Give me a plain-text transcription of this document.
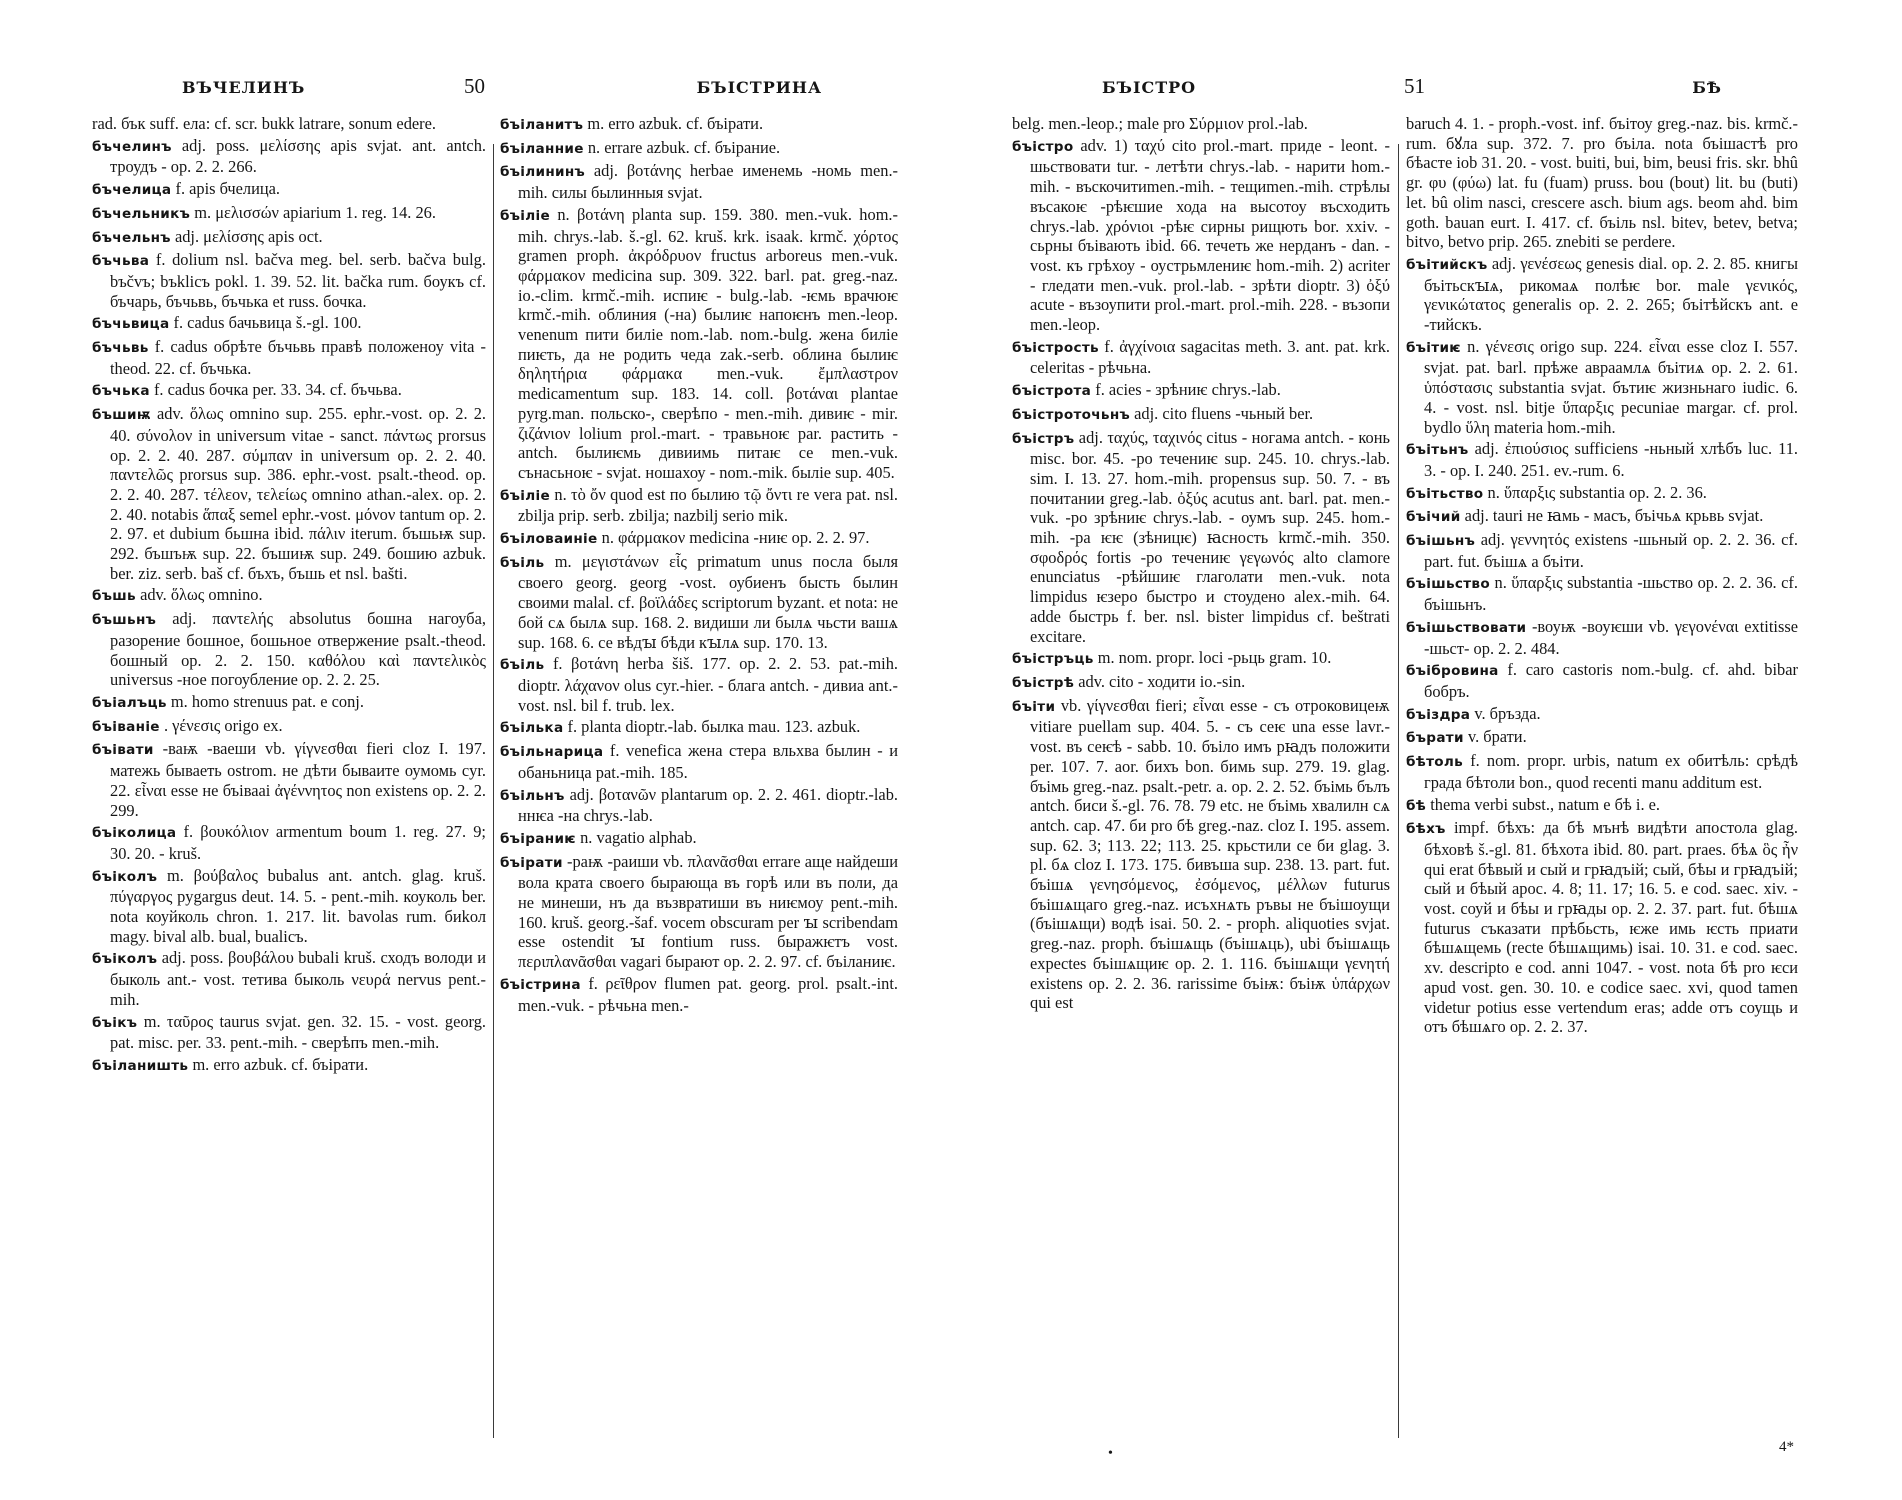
ВЪЧЕЛИНЪ	50	БЪІСТРИНА

rad. бък suff. ела: cf. scr. bukk latrare, sonum edere.

бъчелинъ adj. poss. μελίσσης apis svjat. ant. antch. троудъ - op. 2. 2. 266.

бъчелица f. apis бчелица.

бъчельникъ m. μελισσών apiarium 1. reg. 14. 26.

бъчельнъ adj. μελίσσης apis oct.

бъчьва f. dolium nsl. bačva meg. bel. serb. bačva bulg. bъčvъ; bъkliсъ pokl. 1. 39. 52. lit. bačka rum. боукъ cf. бъчарь, бъчьвь, бъчька et russ. бочка.

бъчьвица f. cadus бачьвица š.-gl. 100.

бъчьвь f. cadus обрѣте бъчьвь правѣ положеноу vita - theod. 22. cf. бъчька.

бъчька f. cadus бочка per. 33. 34. cf. бъчьва.

бъшиѭ adv. ὅλως omnino sup. 255. ephr.-vost. op. 2. 2. 40. σύνολον in universum vitae - sanct. πάντως prorsus op. 2. 2. 40. 287. σύμπαν in universum op. 2. 2. 40. παντελῶς prorsus sup. 386. ephr.-vost. psalt.-theod. op. 2. 2. 40. 287. τέλεον, τελείως omnino athan.-alex. op. 2. 2. 40. notabis ἅπαξ semel ephr.-vost. μόνον tantum op. 2. 2. 97. et dubium бьшна ibid. πάλιν iterum. бъшьѭ sup. 292. бъшъѭ sup. 22. бъшиѭ sup. 249. бошию azbuk. ber. ziz. serb. baš cf. бъхъ, бъшь et nsl. bašti.

бъшь adv. ὅλως omnino.

бъшьнъ adj. παντελής absolutus бошна нагоуба, разорение бошное, бошьное отвержение psalt.-theod. бошный op. 2. 2. 150. καθόλου καὶ παντελικὸς universus -ное погоубление op. 2. 2. 25.

бъіалъць m. homo strenuus pat. e conj.

бъіваніе . γένεσις origo ex.

бъівати -ваѭ -ваеши vb. γίγνεσθαι fieri cloz I. 197. матежь бываеть ostrom. не дѣти бываите оумомь cyr. 22. εἶναι esse не бъівааі ἀγέννητος non existens op. 2. 2. 299.

бъіколица f. βουκόλιον armentum boum 1. reg. 27. 9; 30. 20. - kruš.

бъіколъ m. βούβαλος bubalus ant. antch. glag. kruš. πύγαργος pygargus deut. 14. 5. - pent.-mih. коуколь ber. nota коуйколь chron. 1. 217. lit. bavolas rum. биkол mаgy. bival alb. bual, bualicъ.

бъіколъ adj. poss. βουβάλου bubali kruš. сходъ володи и быколь ant.- vost. тетива быколь νευρά nervus pent.-mih.

бъікъ m. ταῦρος taurus svjat. gen. 32. 15. - vost. georg. pat. misc. per. 33. pent.-mih. - сверѣпъ men.-mih.

бъіланишть m. erro azbuk. cf. бъірати.

бъіланитъ m. erro azbuk. cf. бъірати.

бъіланние n. errare azbuk. cf. бъіраниe.

бъілининъ adj. βοτάνης herbae именемь -номь men.-mih. силы былинныя svjat.

бъіліе n. βοτάνη planta sup. 159. 380. men.-vuk. hom.-mih. chrys.-lab. š.-gl. 62. kruš. krk. isaak. krmč. χόρτος gramen proph. ἀκρόδρυον fructus arboreus men.-vuk. φάρμακον medicina sup. 309. 322. barl. pat. greg.-naz. io.-clim. krmč.-mih. испиѥ - bulg.-lab. -ѥмь врачюѥ krmč.-mih. облиния (-на) былиѥ напоѥнъ men.-leop. venenum пити биліе nom.-lab. nom.-bulg. жена биліе пиѥть, да не родить чеда zak.-serb. облина былиѥ δηλητήρια φάρμακα men.-vuk. ἔμπλαστρον medicamentum sup. 183. 14. coll. βοτάναι plantae pyrg.man. польско-, сверѣпо - men.-mih. дивиѥ - mir. ζιζάνιον lolium prol.-mart. - травьноѥ par. растить - antch. былиѥмь дивиимь питаѥ се men.-vuk. сънасьноѥ - svjat. ношахоу - nom.-mik. быліе sup. 405.

бъіліе n. τὸ ὄν quod est по былию τῷ ὄντι re vera pat. nsl. zbilja prip. serb. zbilja; nazbilj serio mik.

бъіловаиніе n. φάρμακον medicina -ниѥ op. 2. 2. 97.

бъіль m. μεγιστάνων εἷς primatum unus посла быля своего georg. georg -vost. оубиенъ бысть былин своими malal. cf. βοϊλάδες scriptorum byzant. et nota: не бой сѧ былѧ sup. 168. 2. видиши ли былѧ чьсти вашѧ sup. 168. 6. се вѣдꙑ бѣди кꙑлѧ sup. 170. 13.

бъіль f. βοτάνη herba šiš. 177. op. 2. 2. 53. pat.-mih. dioptr. λάχανον olus cyr.-hier. - блага antch. - дивиа ant.-vost. nsl. bil f. trub. lex.

бъілька f. planta dioptr.-lab. былка mau. 123. azbuk.

бъільнарица f. venefica жена стера вльхва былин - и обаньница pat.-mih. 185.

бъільнъ adj. βοτανῶν plantarum op. 2. 2. 461. dioptr.-lab. ннѥа -на chrys.-lab.

бъіраниѥ n. vagatio alphab.

бъірати -раѭ -раиши vb. πλανᾶσθαι errare аще найдеши вола крата своего бырающа въ горѣ или въ поли, да не минеши, нъ да възвратиши въ ниѥмоу pent.-mih. 160. kruš. georg.-šaf. vocem obscuram per ꙑ scribendam esse ostendit ꙑ fontium russ. быражѥтъ vost. περιπλανᾶσθαι vagari бырают op. 2. 2. 97. cf. бъіланиѥ.

бъістрина f. ρεῖθρον flumen pat. georg. prol. psalt.-int. men.-vuk. - рѣчьна men.-

БЪІСТРО	51	БѢ

belg. men.-leop.; male pro Σύρμιον prol.-lab.

бъістро adv. 1) ταχύ cito prol.-mart. приде - leont. - шьствовати tur. - летѣти chrys.-lab. - нарити hom.-mih. - въскочитиmen.-mih. - тещиmen.-mih. стрѣлы въсакоѥ -рѣѥшие хода на высотоу въсходить chrys.-lab. χρόνιοι -рѣѥ сирны рищють bor. xxiv. - сьрны бъівають ibid. 66. течеть же нерданъ - dan. - vost. къ грѣхоу - оустрьмлениѥ hom.-mih. 2) acriter - гледати men.-vuk. prol.-lab. - зрѣти dioptr. 3) ὀξύ acute - възоупити prol.-mart. prol.-mih. 228. - възопи men.-leop.

бъістрость f. ἀγχίνοια sagacitas meth. 3. ant. pat. krk. celeritas - рѣчьна.

бъістрота f. acies - зрѣниѥ chrys.-lab.

бъістроточьнъ adj. cito fluens -чьный ber.

бъістръ adj. ταχύς, ταχινός citus - ногама antch. - конь misc. bor. 45. -ро течениѥ sup. 245. 10. chrys.-lab. sim. I. 13. 27. hom.-mih. propensus sup. 50. 7. - въ почитании greg.-lab. ὀξύς acutus ant. barl. pat. men.-vuk. -ро зрѣниѥ chrys.-lab. - оумъ sup. 245. hom.-mih. -ра ѥѥ (зѣницѥ) ꙗсность krmč.-mih. 350. σφοδρός fortis -ро течениѥ γεγωνός alto clamore enunciatus -рѣйшиѥ глаголати men.-vuk. nota limpidus ѥзеро быстро и стоуденo alex.-mih. 64. adde быстрь f. ber. nsl. bister limpidus cf. beštrati excitare.

бъістръць m. nom. propr. loci -рьць gram. 10.

бъістрѣ adv. cito - ходити io.-sin.

бъіти vb. γίγνεσθαι fieri; εἶναι esse - съ отроковицеѭ vitiare puellam sup. 404. 5. - съ сеѥ una esse lavr.-vost. въ сеѥѣ - sabb. 10. бъіло имъ рꙗдъ положити per. 107. 7. aor. бихъ bon. бимь sup. 279. 19. glag. бъімь greg.-naz. psalt.-petr. a. op. 2. 2. 52. бъімь бълъ antch. биси š.-gl. 76. 78. 79 etc. не бъімь хвалилн сѧ antch. cap. 47. би pro бѣ greg.-naz. cloz I. 195. assem. sup. 62. 3; 113. 22; 113. 25. крьстили се би glag. 3. pl. бѧ cloz I. 173. 175. бивъша sup. 238. 13. part. fut. бъішѧ γενησόμενος, ἐσόμενος, μέλλων futurus бъішѧщаго greg.-naz. исъхнѧть ръвы не бъішоущи (бъішѧщи) водѣ isai. 50. 2. - proph. aliquoties svjat. greg.-naz. proph. бъішѧщь (бъішѧць), ubi бъішѧщь expectes бъішѧщиѥ op. 2. 1. 116. бъішѧщи γενητή existens op. 2. 2. 36. rarissime бъіѭ: бъіѭ ὑπάρχων qui est

baruch 4. 1. - proph.-vost. inf. бъітоу greg.-naz. bis. krmč.-rum. бꙋла sup. 372. 7. pro бъіла. nota бъішастѣ pro бѣасте iob 31. 20. - vost. buiti, bui, bim, beusi fris. skr. bhû gr. φυ (φύω) lat. fu (fuam) pruss. bou (bout) lit. bu (buti) let. bû olim nasci, crescere asch. bium ags. beom ahd. bim goth. bauan eurt. I. 417. cf. бъіль nsl. bitev, betev, betva; bitvo, betvo prip. 265. znebiti se perdere.

бъітийскъ adj. γενέσεως genesis dial. op. 2. 2. 85. книгы бъітьскꙑѧ, рикомаѧ полѣѥ bor. male γενικός, γενικώτατος generalis op. 2. 2. 265; бъітѣйскъ ant. e -тийскъ.

бъітиѥ n. γένεσις origo sup. 224. εἶναι esse cloz I. 557. svjat. pat. barl. прѣже авраамлѧ бъітиѧ op. 2. 2. 61. ὑπόστασις substantia svjat. бътиѥ жизньнаго iudic. 6. 4. - vost. nsl. bitje ὕπαρξις pecuniae margar. cf. prol. bydlo ὕλη materia hom.-mih.

бъітьнъ adj. ἐπιούσιος sufficiens -ньный хлѣбъ luc. 11. 3. - op. I. 240. 251. ev.-rum. 6.

бъітьство n. ὕπαρξις substantia op. 2. 2. 36.

бъічий adj. tauri не ꙗмь - масъ, бъічьѧ крьвь svjat.

бъішьнъ adj. γεννητός existens -шьный op. 2. 2. 36. cf. part. fut. бъішѧ a бъіти.

бъішьство n. ὕπαρξις substantia -шьство op. 2. 2. 36. cf. бъішьнъ.

бъішьствовати -воуѭ -воуѥши vb. γεγονέναι extitisse -шьст- op. 2. 2. 484.

бъібровина f. caro castoris nom.-bulg. cf. ahd. bibar бобръ.

бъіздра v. бръзда.

бърати v. брати.

бѣтоль f. nom. propr. urbis, natum ex обитѣль: срѣдѣ града бѣтоли bon., quod recenti manu additum est.

бѣ thema verbi subst., natum e бѣ i. e.

бѣхъ impf. бѣхъ: да бѣ мънѣ видѣти апостола glag. бѣховѣ š.-gl. 81. бѣхота ibid. 80. part. praes. бѣѧ ὃς ἦν qui erat бѣвый и сый и грꙗдъій; сый, бѣы и грꙗдъій; сый и бѣый apoc. 4. 8; 11. 17; 16. 5. e cod. saec. xiv. - vost. соуй и бѣы и грꙗды op. 2. 2. 37. part. fut. бѣшѧ futurus съказати прѣбьсть, ѥже имь ѥсть приати бѣшѧщемь (recte бѣшѧщимь) isai. 10. 31. e cod. saec. xv. descripto e cod. anni 1047. - vost. nota бѣ pro ѥси apud vost. gen. 30. 10. e codice saec. xvi, quod tamen videtur potius esse vertendum eras; adde отъ соущь и отъ бѣшѧго op. 2. 2. 37.

•	4*
